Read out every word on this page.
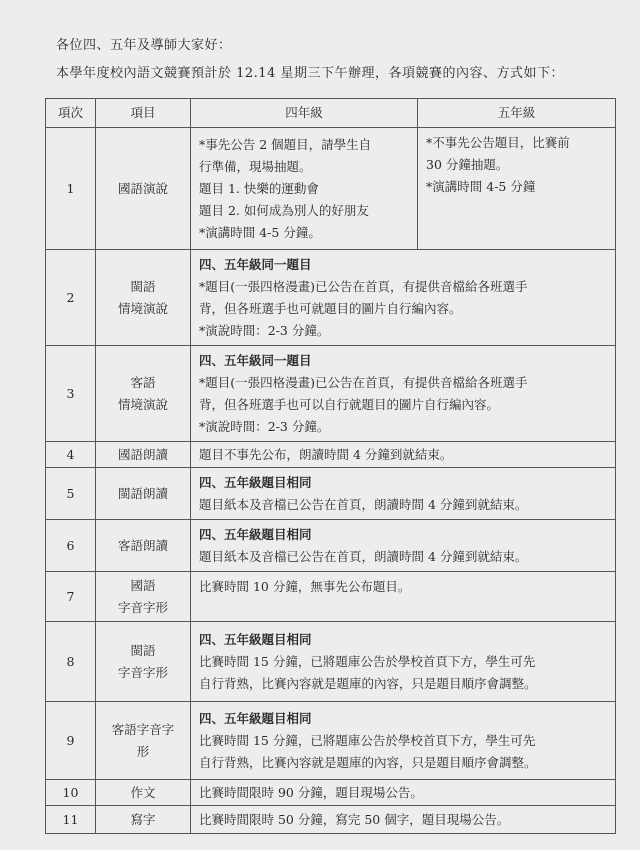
各位四、五年及導師大家好：
本學年度校內語文競賽預計於 12.14 星期三下午辦理，各項競賽的內容、方式如下：
項次	項目	四年級	五年級
1	國語演說	*事先公告 2 個題目，請學生自
行準備，現場抽題。
題目 1. 快樂的運動會
題目 2. 如何成為別人的好朋友
*演講時間 4-5 分鐘。	*不事先公告題目，比賽前
30 分鐘抽題。
*演講時間 4-5 分鐘

2	閩語
情境演說	四、五年級同一題目
*題目(一張四格漫畫)已公告在首頁，有提供音檔給各班選手
背，但各班選手也可就題目的圖片自行編內容。
*演說時間：2-3 分鐘。	

3	客語
情境演說	四、五年級同一題目
*題目(一張四格漫畫)已公告在首頁，有提供音檔給各班選手
背，但各班選手也可以自行就題目的圖片自行編內容。
*演說時間：2-3 分鐘。	

4	國語朗讀	題目不事先公布，朗讀時間 4 分鐘到就結束。	

5	閩語朗讀	四、五年級題目相同
題目紙本及音檔已公告在首頁，朗讀時間 4 分鐘到就結束。	

6	客語朗讀	四、五年級題目相同
題目紙本及音檔已公告在首頁，朗讀時間 4 分鐘到就結束。	

7	國語
字音字形	比賽時間 10 分鐘，無事先公布題目。	

8	閩語
字音字形	四、五年級題目相同
比賽時間 15 分鐘，已將題庫公告於學校首頁下方，學生可先
自行背熟，比賽內容就是題庫的內容，只是題目順序會調整。	

9	客語字音字
形	四、五年級題目相同
比賽時間 15 分鐘，已將題庫公告於學校首頁下方，學生可先
自行背熟，比賽內容就是題庫的內容，只是題目順序會調整。	

10	作文	比賽時間限時 90 分鐘，題目現場公告。	

11	寫字	比賽時間限時 50 分鐘，寫完 50 個字，題目現場公告。	
